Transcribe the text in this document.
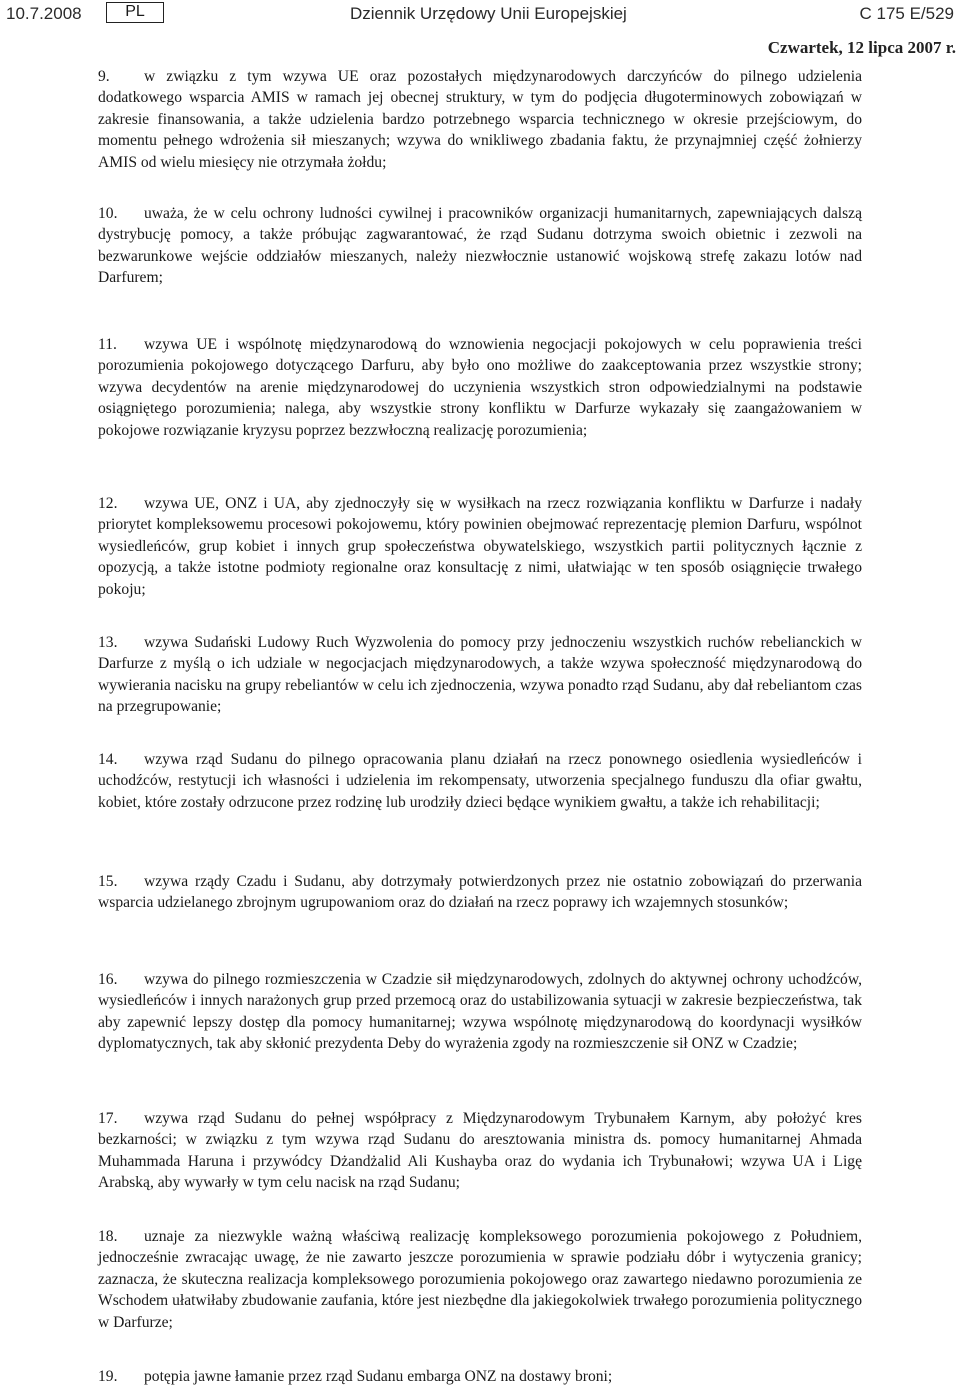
10.7.2008	PL	Dziennik Urzędowy Unii Europejskiej	C 175 E/529
Czwartek, 12 lipca 2007 r.

9. w związku z tym wzywa UE oraz pozostałych międzynarodowych darczyńców do pilnego udzielenia dodatkowego wsparcia AMIS w ramach jej obecnej struktury, w tym do podjęcia długoterminowych zobowiązań w zakresie finansowania, a także udzielenia bardzo potrzebnego wsparcia technicznego w okresie przejściowym, do momentu pełnego wdrożenia sił mieszanych; wzywa do wnikliwego zbadania faktu, że przynajmniej część żołnierzy AMIS od wielu miesięcy nie otrzymała żołdu;

10. uważa, że w celu ochrony ludności cywilnej i pracowników organizacji humanitarnych, zapewniających dalszą dystrybucję pomocy, a także próbując zagwarantować, że rząd Sudanu dotrzyma swoich obietnic i zezwoli na bezwarunkowe wejście oddziałów mieszanych, należy niezwłocznie ustanowić wojskową strefę zakazu lotów nad Darfurem;

11. wzywa UE i wspólnotę międzynarodową do wznowienia negocjacji pokojowych w celu poprawienia treści porozumienia pokojowego dotyczącego Darfuru, aby było ono możliwe do zaakceptowania przez wszystkie strony; wzywa decydentów na arenie międzynarodowej do uczynienia wszystkich stron odpowiedzialnymi na podstawie osiągniętego porozumienia; nalega, aby wszystkie strony konfliktu w Darfurze wykazały się zaangażowaniem w pokojowe rozwiązanie kryzysu poprzez bezzwłoczną realizację porozumienia;

12. wzywa UE, ONZ i UA, aby zjednoczyły się w wysiłkach na rzecz rozwiązania konfliktu w Darfurze i nadały priorytet kompleksowemu procesowi pokojowemu, który powinien obejmować reprezentację plemion Darfuru, wspólnot wysiedleńców, grup kobiet i innych grup społeczeństwa obywatelskiego, wszystkich partii politycznych łącznie z opozycją, a także istotne podmioty regionalne oraz konsultację z nimi, ułatwiając w ten sposób osiągnięcie trwałego pokoju;

13. wzywa Sudański Ludowy Ruch Wyzwolenia do pomocy przy jednoczeniu wszystkich ruchów rebelianckich w Darfurze z myślą o ich udziale w negocjacjach międzynarodowych, a także wzywa społeczność międzynarodową do wywierania nacisku na grupy rebeliantów w celu ich zjednoczenia, wzywa ponadto rząd Sudanu, aby dał rebeliantom czas na przegrupowanie;

14. wzywa rząd Sudanu do pilnego opracowania planu działań na rzecz ponownego osiedlenia wysiedleńców i uchodźców, restytucji ich własności i udzielenia im rekompensaty, utworzenia specjalnego funduszu dla ofiar gwałtu, kobiet, które zostały odrzucone przez rodzinę lub urodziły dzieci będące wynikiem gwałtu, a także ich rehabilitacji;

15. wzywa rządy Czadu i Sudanu, aby dotrzymały potwierdzonych przez nie ostatnio zobowiązań do przerwania wsparcia udzielanego zbrojnym ugrupowaniom oraz do działań na rzecz poprawy ich wzajemnych stosunków;

16. wzywa do pilnego rozmieszczenia w Czadzie sił międzynarodowych, zdolnych do aktywnej ochrony uchodźców, wysiedleńców i innych narażonych grup przed przemocą oraz do ustabilizowania sytuacji w zakresie bezpieczeństwa, tak aby zapewnić lepszy dostęp dla pomocy humanitarnej; wzywa wspólnotę międzynarodową do koordynacji wysiłków dyplomatycznych, tak aby skłonić prezydenta Deby do wyrażenia zgody na rozmieszczenie sił ONZ w Czadzie;

17. wzywa rząd Sudanu do pełnej współpracy z Międzynarodowym Trybunałem Karnym, aby położyć kres bezkarności; w związku z tym wzywa rząd Sudanu do aresztowania ministra ds. pomocy humanitarnej Ahmada Muhammada Haruna i przywódcy Dżandżalid Ali Kushayba oraz do wydania ich Trybunałowi; wzywa UA i Ligę Arabską, aby wywarły w tym celu nacisk na rząd Sudanu;

18. uznaje za niezwykle ważną właściwą realizację kompleksowego porozumienia pokojowego z Południem, jednocześnie zwracając uwagę, że nie zawarto jeszcze porozumienia w sprawie podziału dóbr i wytyczenia granicy; zaznacza, że skuteczna realizacja kompleksowego porozumienia pokojowego oraz zawartego niedawno porozumienia ze Wschodem ułatwiłaby zbudowanie zaufania, które jest niezbędne dla jakiegokolwiek trwałego porozumienia politycznego w Darfurze;

19. potępia jawne łamanie przez rząd Sudanu embarga ONZ na dostawy broni;
